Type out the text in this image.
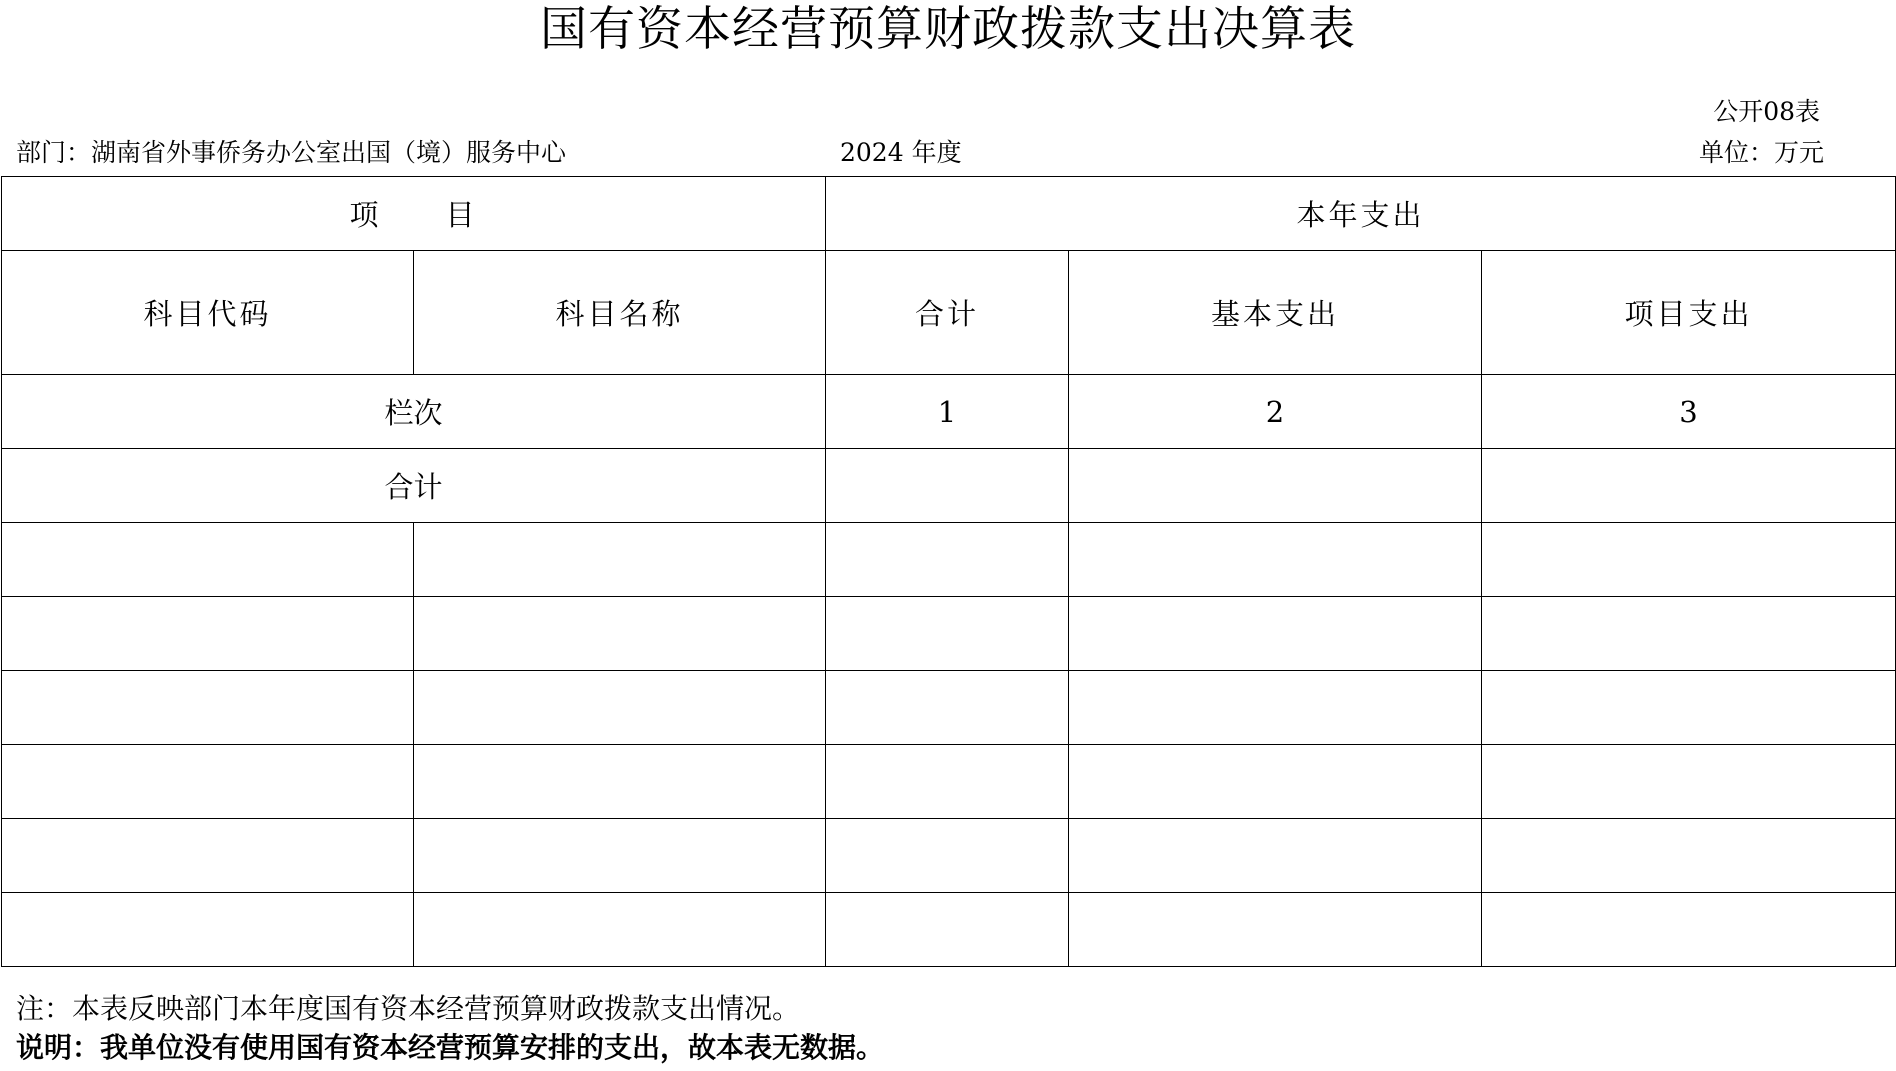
国有资本经营预算财政拨款支出决算表
公开08表
部门：湖南省外事侨务办公室出国（境）服务中心	2024 年度	单位：万元
项　　目		本年支出		
科目代码	科目名称	合计	基本支出	项目支出
栏次		1	2	3
合计				

注：本表反映部门本年度国有资本经营预算财政拨款支出情况。
说明：我单位没有使用国有资本经营预算安排的支出，故本表无数据。
